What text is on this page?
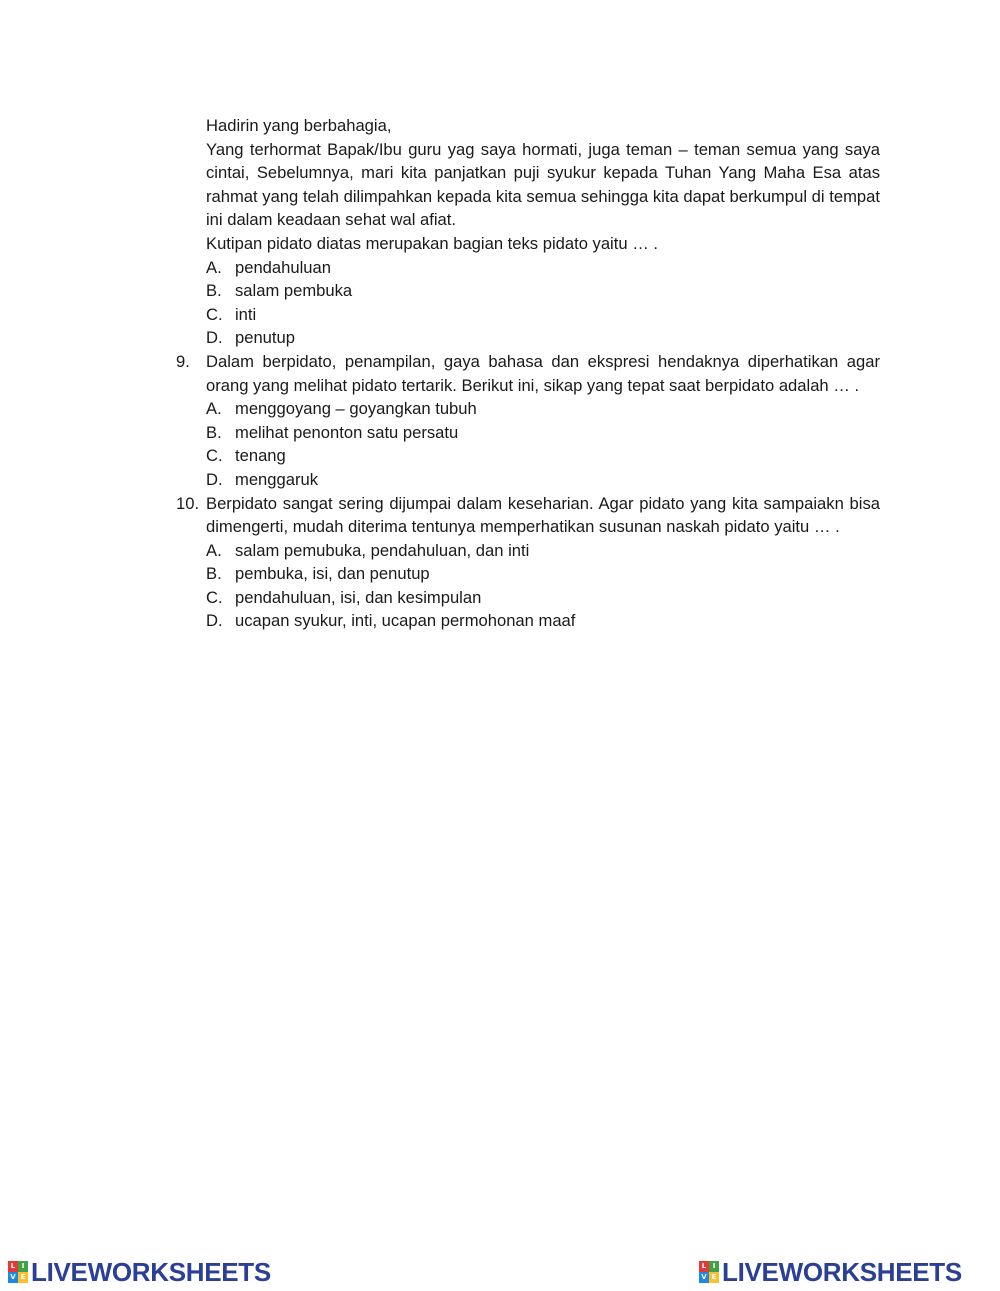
Hadirin yang berbahagia,
Yang terhormat Bapak/Ibu guru yag saya hormati, juga teman – teman semua yang saya cintai, Sebelumnya, mari kita panjatkan puji syukur kepada Tuhan Yang Maha Esa atas rahmat yang telah dilimpahkan kepada kita semua sehingga kita dapat berkumpul di tempat ini dalam keadaan sehat wal afiat.
Kutipan pidato diatas merupakan bagian teks pidato yaitu … .
A. pendahuluan
B. salam pembuka
C. inti
D. penutup
9. Dalam berpidato, penampilan, gaya bahasa dan ekspresi hendaknya diperhatikan agar orang yang melihat pidato tertarik. Berikut ini, sikap yang tepat saat berpidato adalah … .
A. menggoyang – goyangkan tubuh
B. melihat penonton satu persatu
C. tenang
D. menggaruk
10. Berpidato sangat sering dijumpai dalam keseharian. Agar pidato yang kita sampaiakn bisa dimengerti, mudah diterima tentunya memperhatikan susunan naskah pidato yaitu … .
A. salam pemubuka, pendahuluan, dan inti
B. pembuka, isi, dan penutup
C. pendahuluan, isi, dan kesimpulan
D. ucapan syukur, inti, ucapan permohonan maaf
L I
V E LIVEWORKSHEETS	L I
V E LIVEWORKSHEETS
